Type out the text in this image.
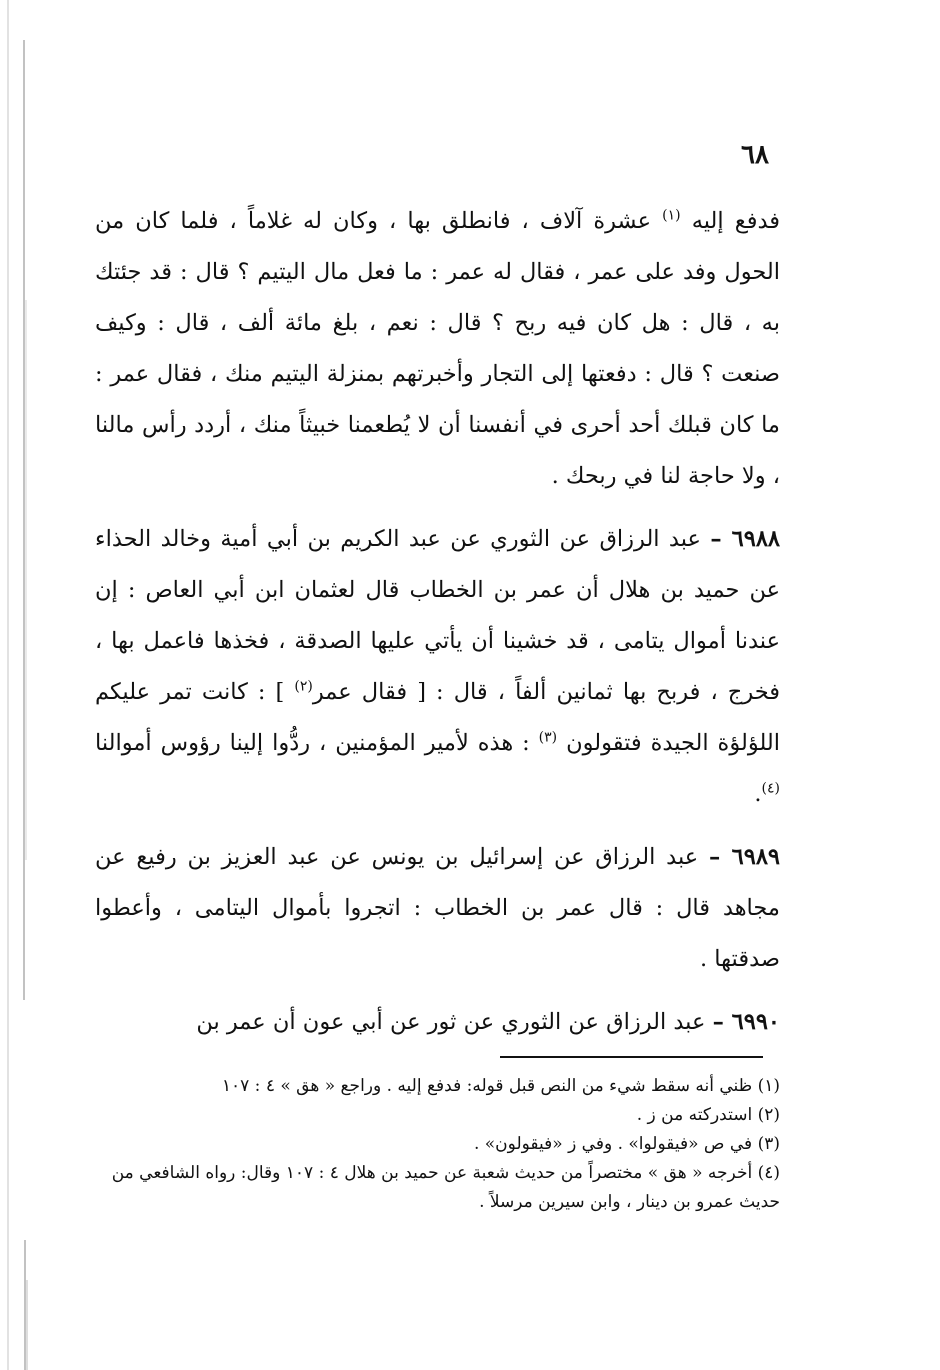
٦٨

فدفع إليه $^{(١)}$ عشرة آلاف ، فانطلق بها ، وكان له غلاماً ، فلما كان من الحول وفد على عمر ، فقال له عمر : ما فعل مال اليتيم ؟ قال : قد جئتك به ، قال : هل كان فيه ربح ؟ قال : نعم ، بلغ مائة ألف ، قال : وكيف صنعت ؟ قال : دفعتها إلى التجار وأخبرتهم بمنزلة اليتيم منك ، فقال عمر : ما كان قبلك أحد أحرى في أنفسنا أن لا يُطعمنا خبيثاً منك ، أردد رأس مالنا ، ولا حاجة لنا في ربحك .

٦٩٨٨ – عبد الرزاق عن الثوري عن عبد الكريم بن أبي أمية وخالد الحذاء عن حميد بن هلال أن عمر بن الخطاب قال لعثمان ابن أبي العاص : إن عندنا أموال يتامى ، قد خشينا أن يأتي عليها الصدقة ، فخذها فاعمل بها ، فخرج ، فربح بها ثمانين ألفاً ، قال : [ فقال عمر$^{(٢)}$ ] : كانت تمر عليكم اللؤلؤة الجيدة فتقولون $^{(٣)}$ : هذه لأمير المؤمنين ، ردُّوا إلينا رؤوس أموالنا $^{(٤)}$.

٦٩٨٩ – عبد الرزاق عن إسرائيل بن يونس عن عبد العزيز بن رفيع عن مجاهد قال : قال عمر بن الخطاب : اتجروا بأموال اليتامى ، وأعطوا صدقتها .

٦٩٩٠ – عبد الرزاق عن الثوري عن ثور عن أبي عون أن عمر بن

(١) ظني أنه سقط شيء من النص قبل قوله: فدفع إليه . وراجع « هق » ٤ : ١٠٧

(٢) استدركته من ز .

(٣) في ص «فيقولوا» . وفي ز «فيقولون» .

(٤) أخرجه « هق » مختصراً من حديث شعبة عن حميد بن هلال ٤ : ١٠٧ وقال: رواه الشافعي من حديث عمرو بن دينار ، وابن سيرين مرسلاً .
